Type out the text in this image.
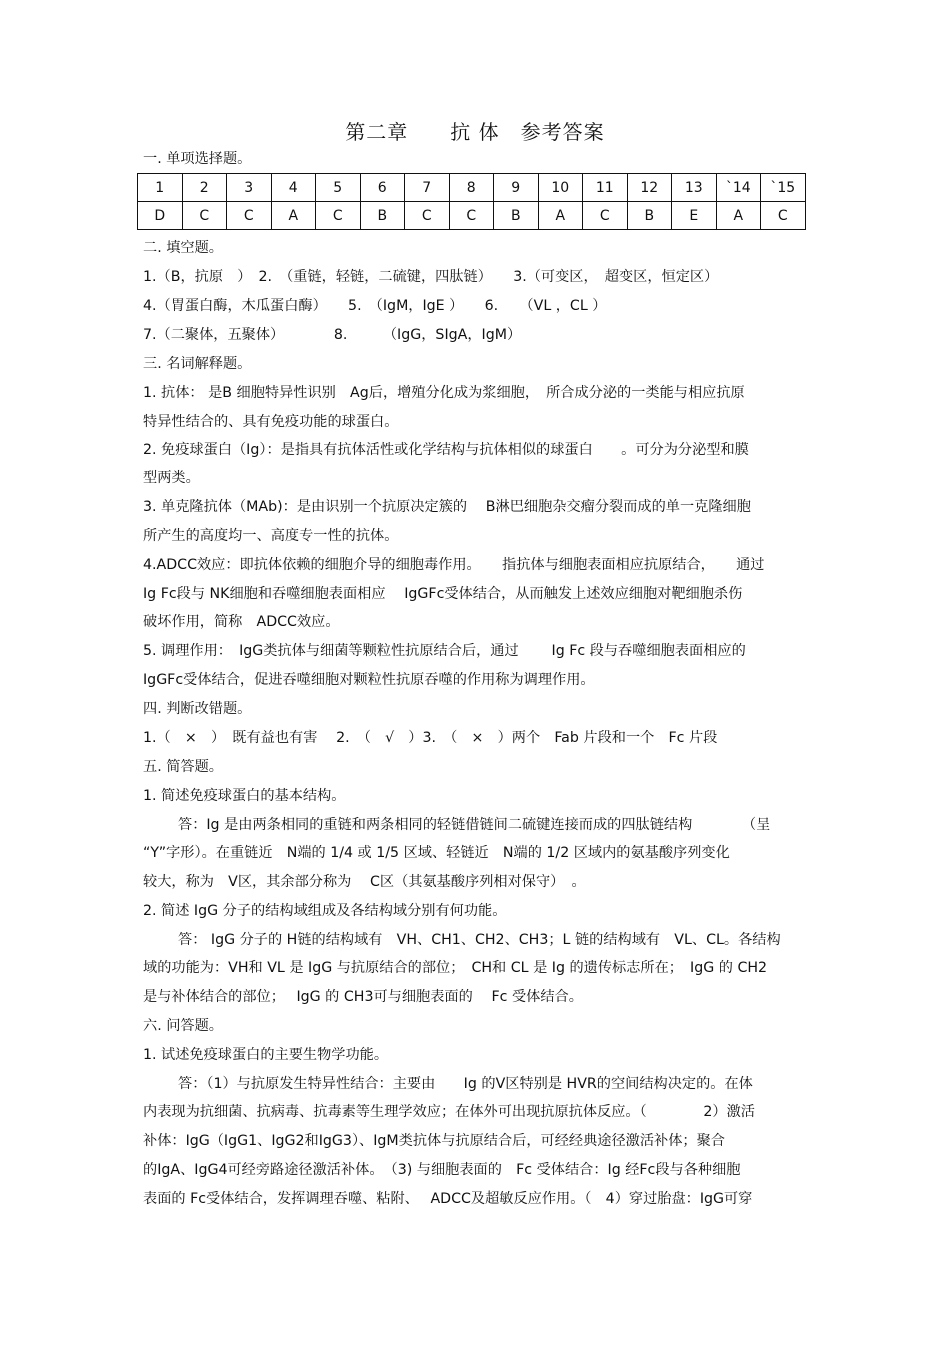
第二章　　抗 体　参考答案
一. 单项选择题。
1	2	3	4	5	6	7	8	9	10	11	12	13	`14	`15
D	C	C	A	C	B	C	C	B	A	C	B	E	A	C
二. 填空题。
1.（B，抗原　）　2.　（重链，轻链，二硫键，四肽链）　　3.（可变区，　超变区，恒定区）
4.（胃蛋白酶，木瓜蛋白酶）　　5.　（IgM，IgE ）　　6.　　（VL ，CL ）
7.（二聚体，五聚体）　　　　8.　　　（IgG，SIgA，IgM）
三. 名词解释题。
1. 抗体： 是B 细胞特异性识别　Ag后，增殖分化成为浆细胞，　所合成分泌的一类能与相应抗原
特异性结合的、具有免疫功能的球蛋白。
2. 免疫球蛋白（Ig）：是指具有抗体活性或化学结构与抗体相似的球蛋白　　。可分为分泌型和膜
型两类。
3. 单克隆抗体（MAb)：是由识别一个抗原决定簇的　 B淋巴细胞杂交瘤分裂而成的单一克隆细胞
所产生的高度均一、高度专一性的抗体。
4.ADCC效应：即抗体依赖的细胞介导的细胞毒作用。　　指抗体与细胞表面相应抗原结合，　　通过
Ig Fc段与 NK细胞和吞噬细胞表面相应　 IgGFc受体结合，从而触发上述效应细胞对靶细胞杀伤
破坏作用，简称　ADCC效应。
5. 调理作用：　IgG类抗体与细菌等颗粒性抗原结合后，通过　　 Ig Fc 段与吞噬细胞表面相应的
IgGFc受体结合，促进吞噬细胞对颗粒性抗原吞噬的作用称为调理作用。
四. 判断改错题。
1.（　×　）　既有益也有害　 2.　（　√　）3.　（　×　）两个　Fab 片段和一个　Fc 片段
五. 简答题。
1. 简述免疫球蛋白的基本结构。
答：Ig 是由两条相同的重链和两条相同的轻链借链间二硫键连接而成的四肽链结构　　　　（呈
“Y”字形）。在重链近　N端的 1/4 或 1/5 区域、轻链近　N端的 1/2 区域内的氨基酸序列变化
较大，称为　V区，其余部分称为　 C区（其氨基酸序列相对保守）　。
2. 简述 IgG 分子的结构域组成及各结构域分别有何功能。
答： IgG 分子的 H链的结构域有　VH、CH1、CH2、CH3；L 链的结构域有　VL、CL。各结构
域的功能为：VH和 VL 是 IgG 与抗原结合的部位；　CH和 CL 是 Ig 的遗传标志所在；　IgG 的 CH2
是与补体结合的部位；　 IgG 的 CH3可与细胞表面的　 Fc 受体结合。
六. 问答题。
1. 试述免疫球蛋白的主要生物学功能。
答：（1）与抗原发生特异性结合：主要由　　Ig 的V区特别是 HVR的空间结构决定的。在体
内表现为抗细菌、抗病毒、抗毒素等生理学效应；在体外可出现抗原抗体反应。（　　　　2）激活
补体：IgG（IgG1、IgG2和IgG3）、IgM类抗体与抗原结合后，可经经典途径激活补体；聚合
的IgA、IgG4可经旁路途径激活补体。　（3) 与细胞表面的　Fc 受体结合：Ig 经Fc段与各种细胞
表面的 Fc受体结合，发挥调理吞噬、粘附、　 ADCC及超敏反应作用。（　4）穿过胎盘：IgG可穿
